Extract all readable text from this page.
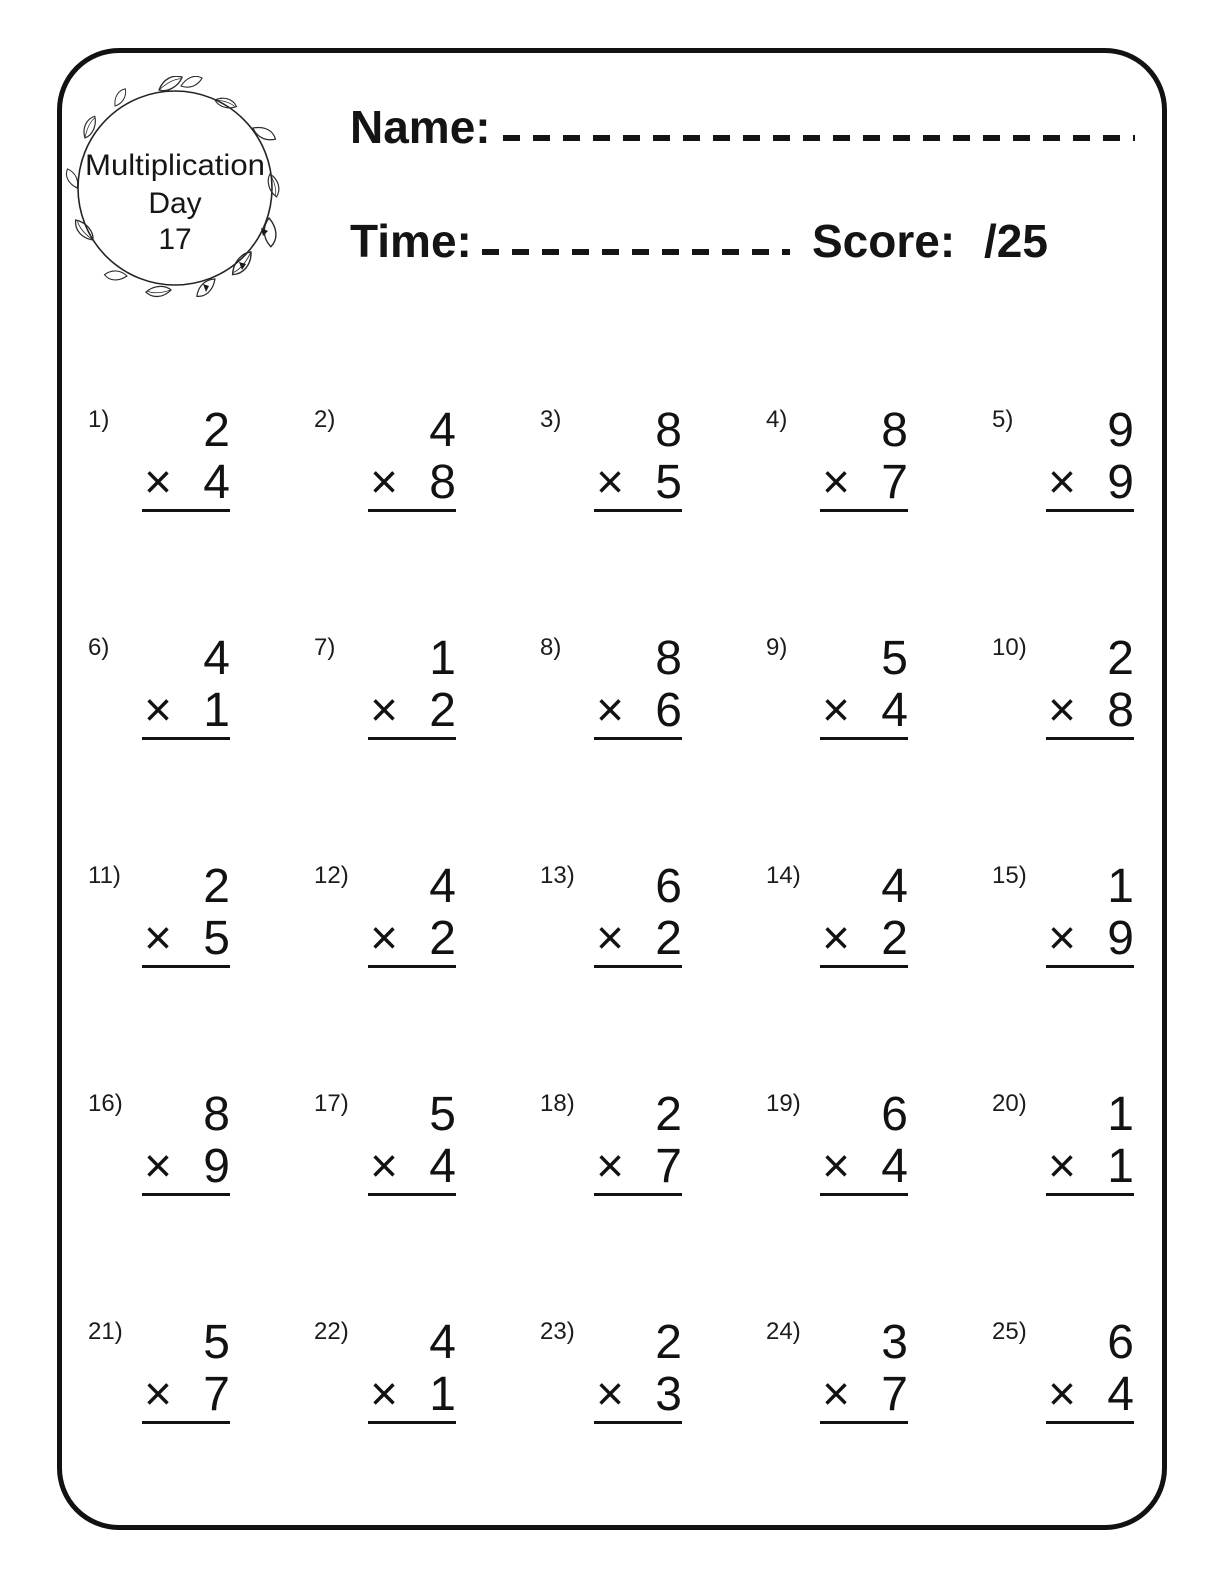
Multiplication
Day
17
Name:
Time:	Score: /25
1)	2
× 4
2)	4
× 8
3)	8
× 5
4)	8
× 7
5)	9
× 9
6)	4
× 1
7)	1
× 2
8)	8
× 6
9)	5
× 4
10)	2
× 8
11)	2
× 5
12)	4
× 2
13)	6
× 2
14)	4
× 2
15)	1
× 9
16)	8
× 9
17)	5
× 4
18)	2
× 7
19)	6
× 4
20)	1
× 1
21)	5
× 7
22)	4
× 1
23)	2
× 3
24)	3
× 7
25)	6
× 4
